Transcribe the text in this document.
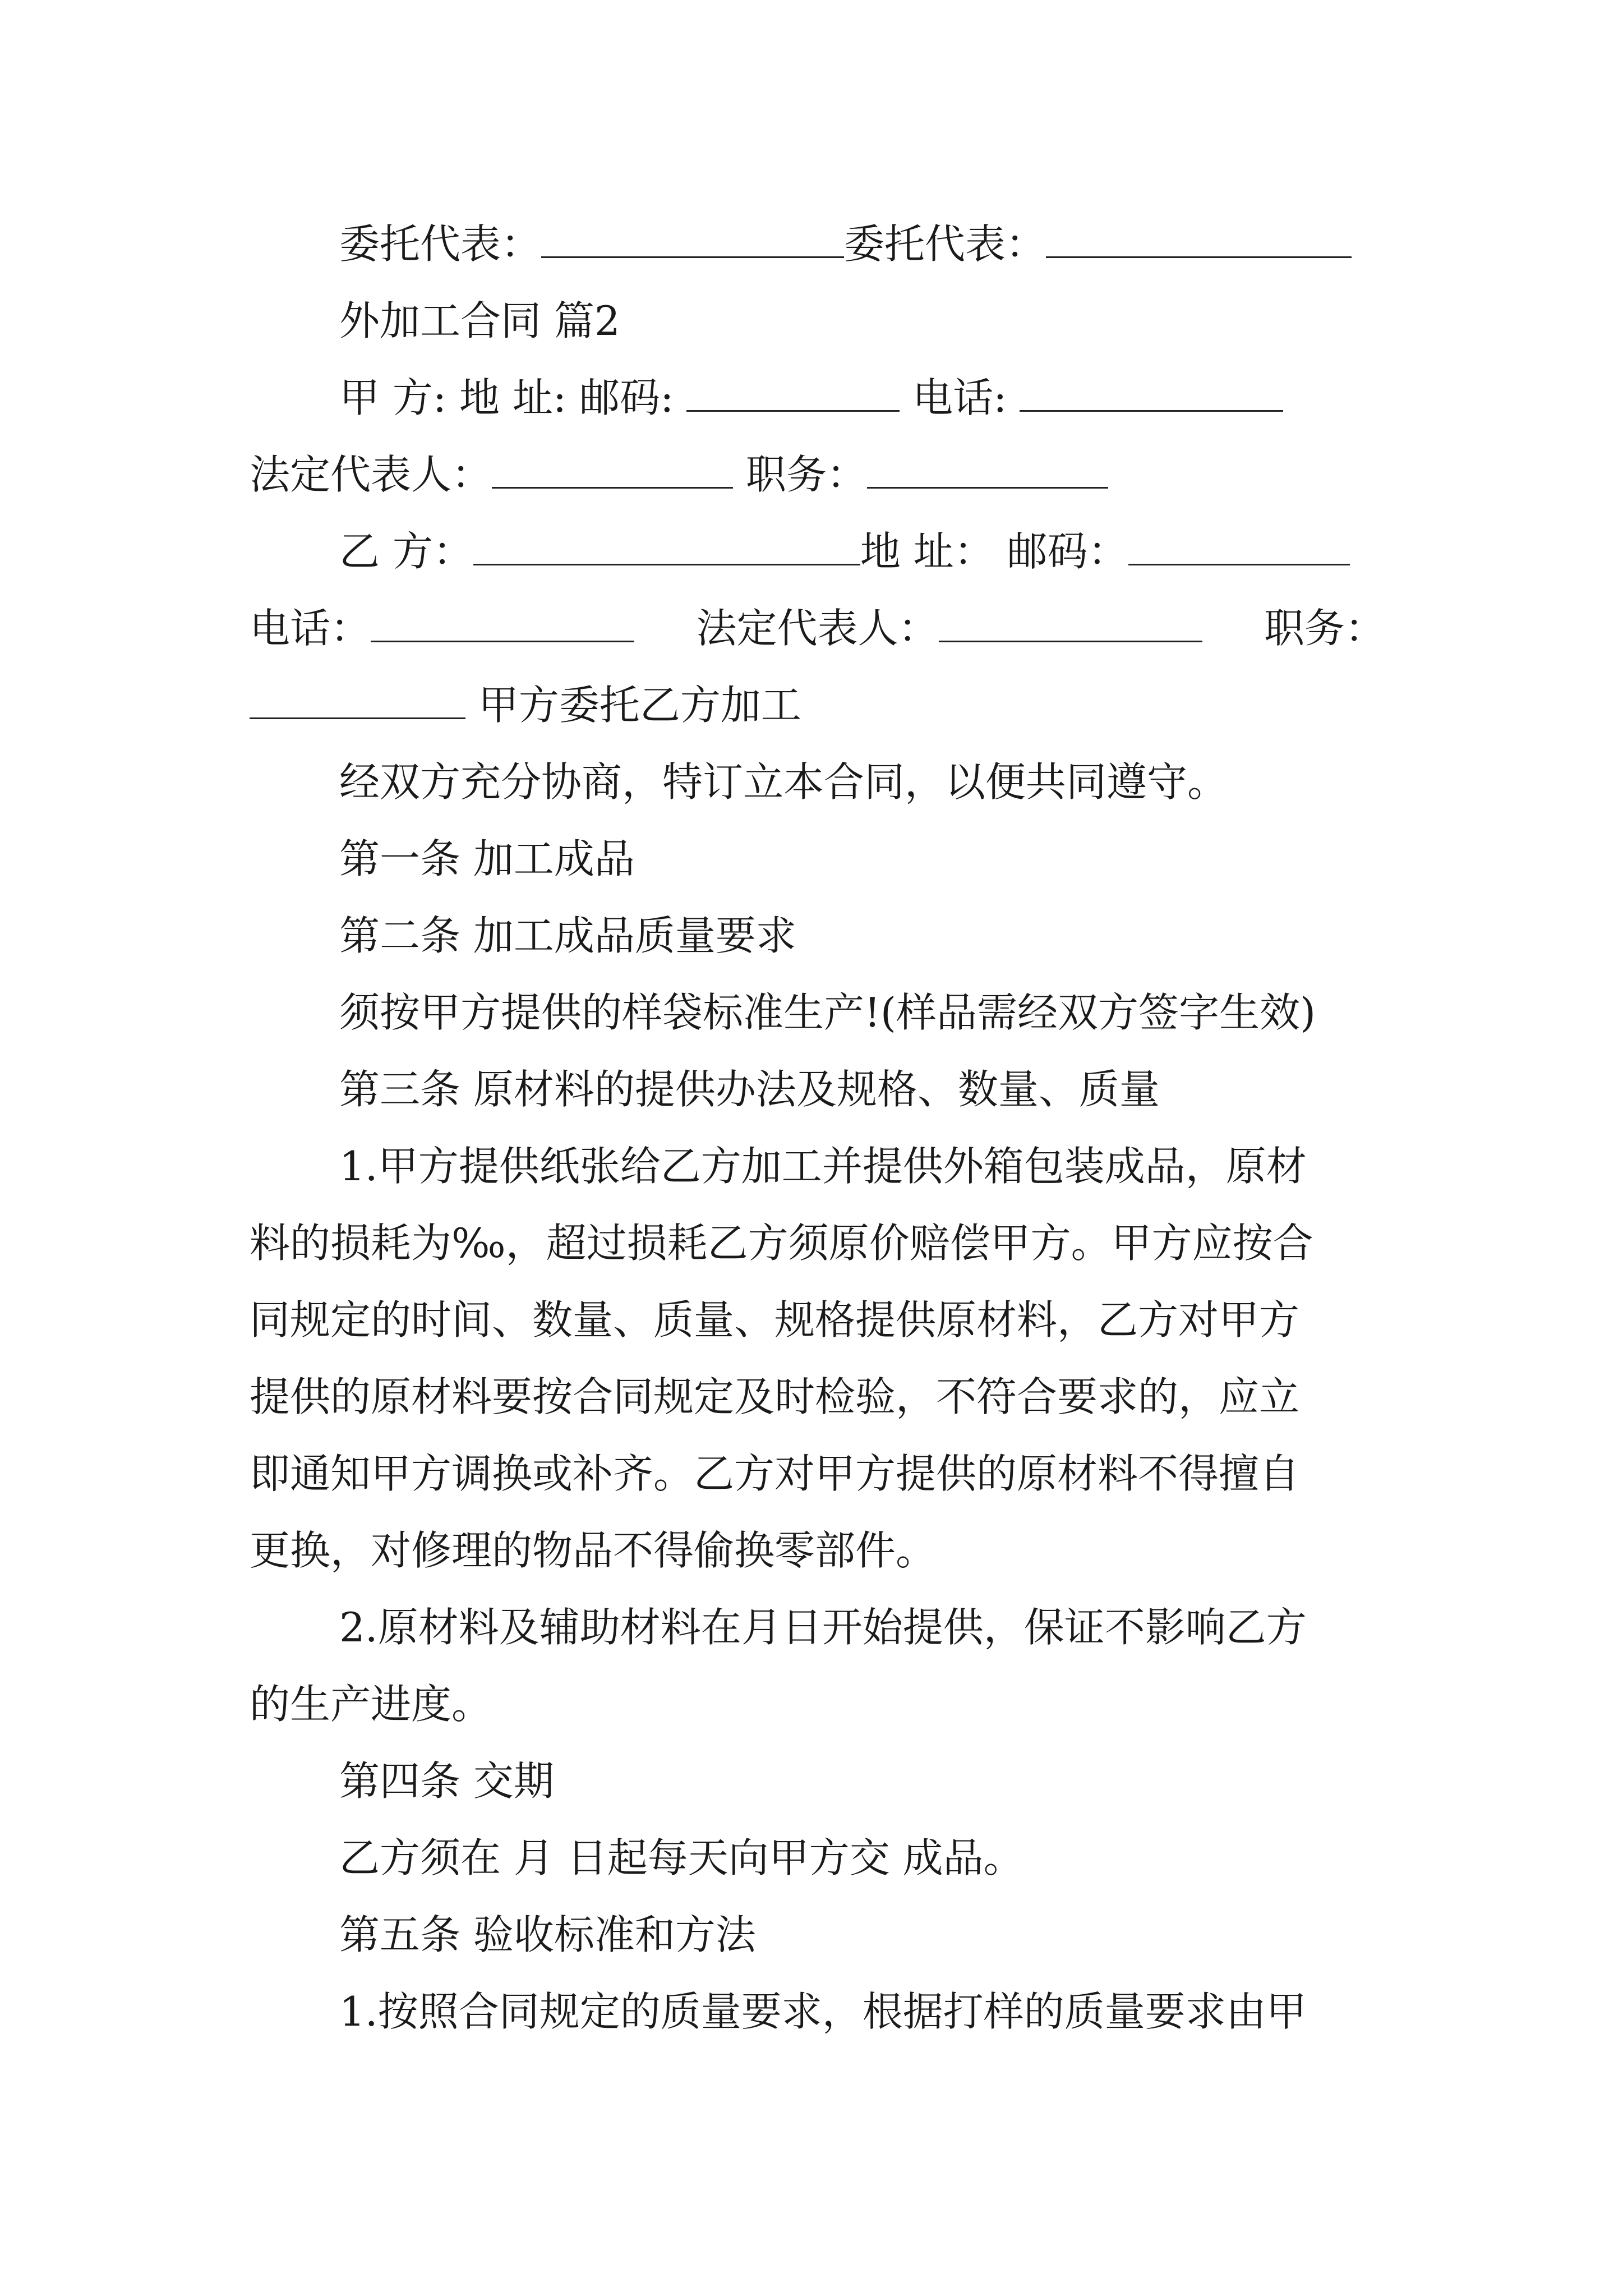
委托代表：	委托代表：
外加工合同 篇2
甲 方: 地 址: 邮码:	电话:
法定代表人：	职务：
乙 方：	地 址： 邮码：
电话：	法定代表人：	职务：
甲方委托乙方加工
经双方充分协商，特订立本合同，以便共同遵守。
第一条 加工成品
第二条 加工成品质量要求
须按甲方提供的样袋标准生产!(样品需经双方签字生效)
第三条 原材料的提供办法及规格、数量、质量
1.甲方提供纸张给乙方加工并提供外箱包装成品，原材
料的损耗为‰，超过损耗乙方须原价赔偿甲方。甲方应按合
同规定的时间、数量、质量、规格提供原材料，乙方对甲方
提供的原材料要按合同规定及时检验，不符合要求的，应立
即通知甲方调换或补齐。乙方对甲方提供的原材料不得擅自
更换，对修理的物品不得偷换零部件。
2.原材料及辅助材料在月日开始提供，保证不影响乙方
的生产进度。
第四条 交期
乙方须在 月 日起每天向甲方交 成品。
第五条 验收标准和方法
1.按照合同规定的质量要求，根据打样的质量要求由甲
